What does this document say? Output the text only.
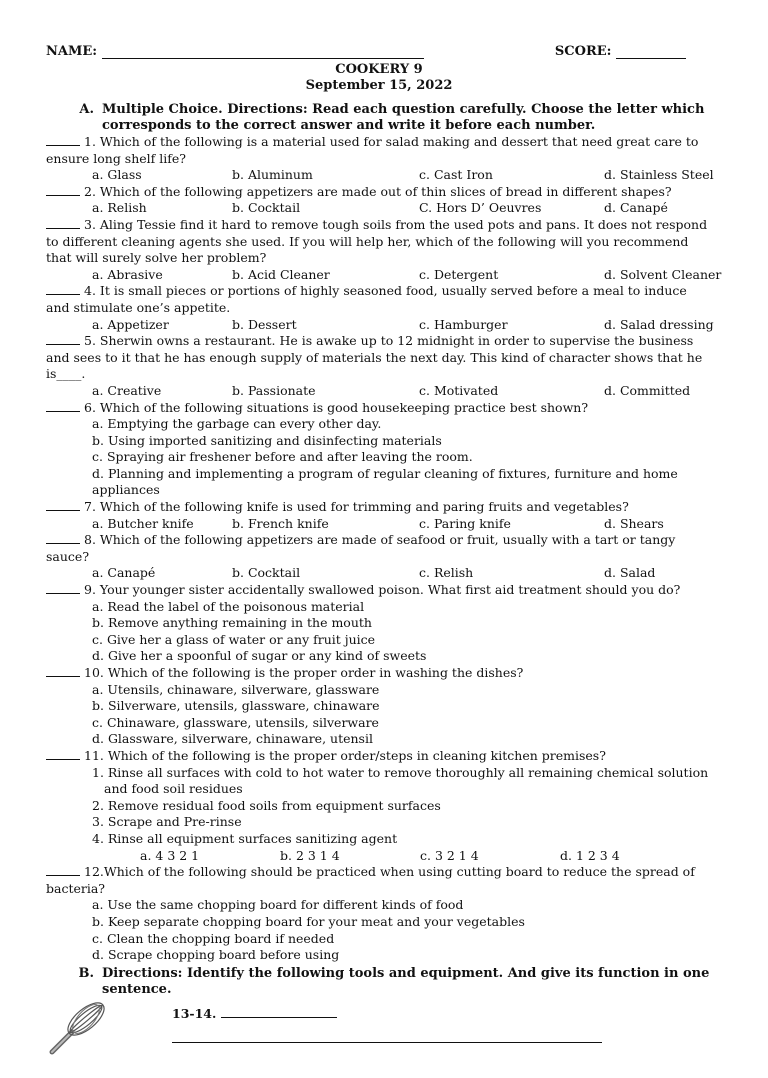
NAME:	SCORE:
COOKERY 9
September 15, 2022
A. Multiple Choice. Directions: Read each question carefully. Choose the letter which corresponds to the correct answer and write it before each number.
1. Which of the following is a material used for salad making and dessert that need great care to ensure long shelf life?
a. Glass	b. Aluminum	c. Cast Iron	d. Stainless Steel
2. Which of the following appetizers are made out of thin slices of bread in different shapes?
a. Relish	b. Cocktail	C. Hors D’ Oeuvres	d. Canapé
3. Aling Tessie find it hard to remove tough soils from the used pots and pans. It does not respond to different cleaning agents she used. If you will help her, which of the following will you recommend that will surely solve her problem?
a. Abrasive	b. Acid Cleaner	c. Detergent	d. Solvent Cleaner
4. It is small pieces or portions of highly seasoned food, usually served before a meal to induce and stimulate one’s appetite.
a. Appetizer	b. Dessert	c. Hamburger	d. Salad dressing
5. Sherwin owns a restaurant. He is awake up to 12 midnight in order to supervise the business and sees to it that he has enough supply of materials the next day. This kind of character shows that he is____.
a. Creative	b. Passionate	c. Motivated	d. Committed
6. Which of the following situations is good housekeeping practice best shown?
a. Emptying the garbage can every other day.
b. Using imported sanitizing and disinfecting materials
c. Spraying air freshener before and after leaving the room.
d. Planning and implementing a program of regular cleaning of fixtures, furniture and home appliances
7. Which of the following knife is used for trimming and paring fruits and vegetables?
a. Butcher knife	b. French knife	c. Paring knife	d. Shears
8. Which of the following appetizers are made of seafood or fruit, usually with a tart or tangy sauce?
a. Canapé	b. Cocktail	c. Relish	d. Salad
9. Your younger sister accidentally swallowed poison. What first aid treatment should you do?
a. Read the label of the poisonous material
b. Remove anything remaining in the mouth
c. Give her a glass of water or any fruit juice
d. Give her a spoonful of sugar or any kind of sweets
10. Which of the following is the proper order in washing the dishes?
a. Utensils, chinaware, silverware, glassware
b. Silverware, utensils, glassware, chinaware
c. Chinaware, glassware, utensils, silverware
d. Glassware, silverware, chinaware, utensil
11. Which of the following is the proper order/steps in cleaning kitchen premises?
1. Rinse all surfaces with cold to hot water to remove thoroughly all remaining chemical solution and food soil residues
2. Remove residual food soils from equipment surfaces
3. Scrape and Pre-rinse
4. Rinse all equipment surfaces sanitizing agent
a. 4 3 2 1	b. 2 3 1 4	c. 3 2 1 4	d. 1 2 3 4
12.Which of the following should be practiced when using cutting board to reduce the spread of bacteria?
a. Use the same chopping board for different kinds of food
b. Keep separate chopping board for your meat and your vegetables
c. Clean the chopping board if needed
d. Scrape chopping board before using
B. Directions: Identify the following tools and equipment. And give its function in one sentence.
13-14.
